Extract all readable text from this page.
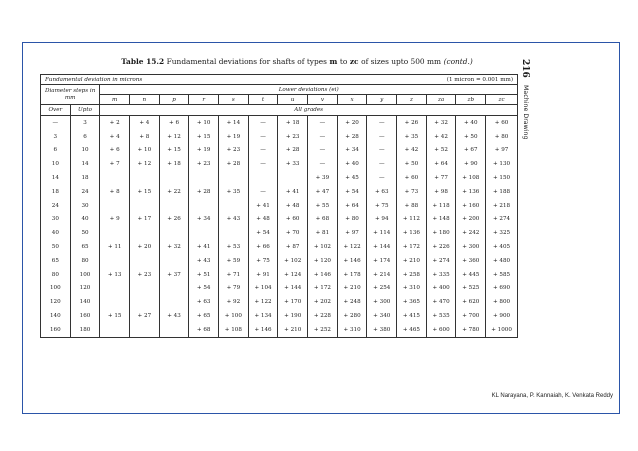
Table 15.2 Fundamental deviations for shafts of types m to zc of sizes upto 500 mm (contd.)	216
Machine Drawing
Fundamental deviation in microns										(1 micron = 0.001 mm)					
Diameter steps in mm		Lower deviations (ei)													
		m	n	p	r	s	t	u	v	x	y	z	za	zb	zc
Over	Upto	All grades													
—	3	+ 2	+ 4	+ 6	+ 10	+ 14	—	+ 18	—	+ 20	—	+ 26	+ 32	+ 40	+ 60
3	6	+ 4	+ 8	+ 12	+ 15	+ 19	—	+ 23	—	+ 28	—	+ 35	+ 42	+ 50	+ 80
6	10	+ 6	+ 10	+ 15	+ 19	+ 23	—	+ 28	—	+ 34	—	+ 42	+ 52	+ 67	+ 97
10	14	+ 7	+ 12	+ 18	+ 23	+ 28	—	+ 33	—	+ 40	—	+ 50	+ 64	+ 90	+ 130
14	18								+ 39	+ 45	—	+ 60	+ 77	+ 108	+ 150
18	24	+ 8	+ 15	+ 22	+ 28	+ 35	—	+ 41	+ 47	+ 54	+ 63	+ 73	+ 98	+ 136	+ 188
24	30						+ 41	+ 48	+ 55	+ 64	+ 75	+ 88	+ 118	+ 160	+ 218
30	40	+ 9	+ 17	+ 26	+ 34	+ 43	+ 48	+ 60	+ 68	+ 80	+ 94	+ 112	+ 148	+ 200	+ 274
40	50						+ 54	+ 70	+ 81	+ 97	+ 114	+ 136	+ 180	+ 242	+ 325
50	65	+ 11	+ 20	+ 32	+ 41	+ 53	+ 66	+ 87	+ 102	+ 122	+ 144	+ 172	+ 226	+ 300	+ 405
65	80				+ 43	+ 59	+ 75	+ 102	+ 120	+ 146	+ 174	+ 210	+ 274	+ 360	+ 480
80	100	+ 13	+ 23	+ 37	+ 51	+ 71	+ 91	+ 124	+ 146	+ 178	+ 214	+ 258	+ 335	+ 445	+ 585
100	120				+ 54	+ 79	+ 104	+ 144	+ 172	+ 210	+ 254	+ 310	+ 400	+ 525	+ 690
120	140				+ 63	+ 92	+ 122	+ 170	+ 202	+ 248	+ 300	+ 365	+ 470	+ 620	+ 800
140	160	+ 15	+ 27	+ 43	+ 65	+ 100	+ 134	+ 190	+ 228	+ 280	+ 340	+ 415	+ 535	+ 700	+ 900
160	180				+ 68	+ 108	+ 146	+ 210	+ 252	+ 310	+ 380	+ 465	+ 600	+ 780	+ 1000
KL Narayana, P. Kannaiah, K. Venkata Reddy
